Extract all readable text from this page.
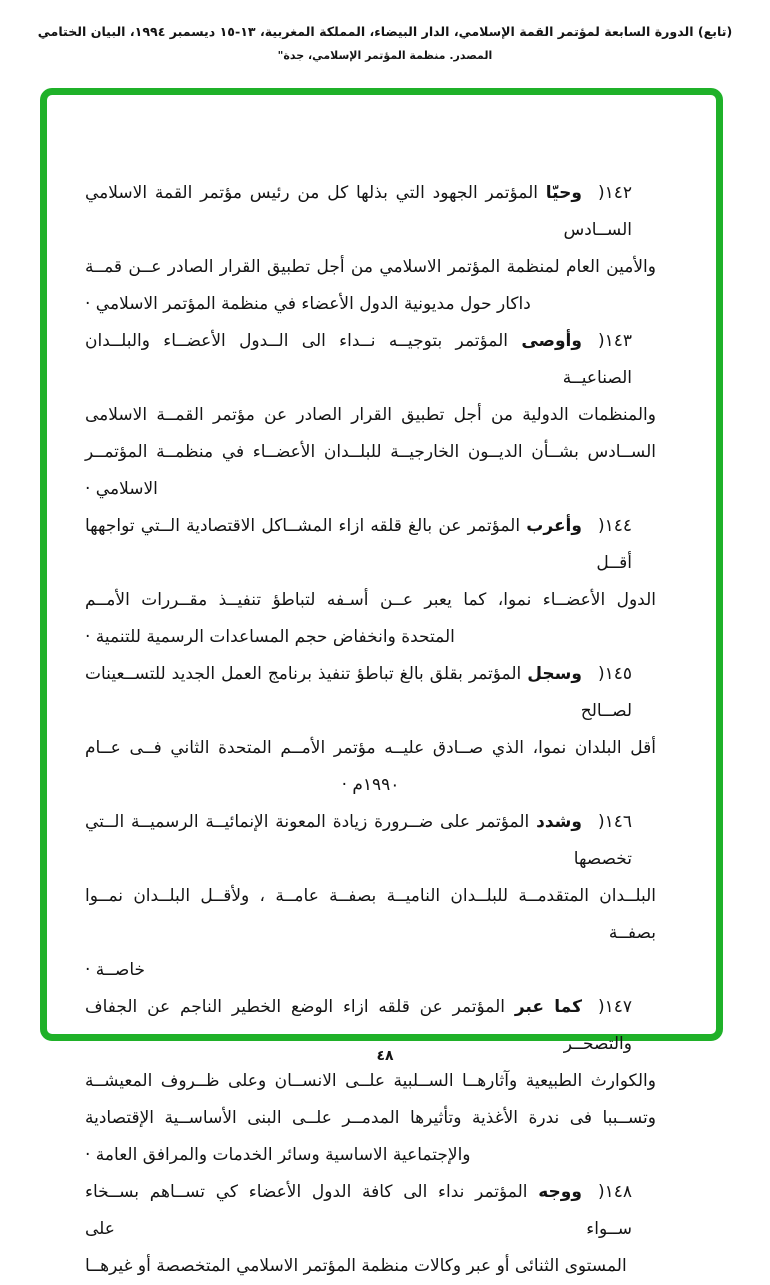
(تابع) الدورة السابعة لمؤتمر القمة الإسلامي، الدار البيضاء، المملكة المغربية، ١٣-١٥ ديسمبر ١٩٩٤، البيان الختامي
المصدر. منظمة المؤتمر الإسلامي، جدة"
١٤٢)وحيّا المؤتمر الجهود التي بذلها كل من رئيس مؤتمر القمة الاسلامي الســادس
والأمين العام لمنظمة المؤتمر الاسلامي من أجل تطبيق القرار الصادر عــن قمــة
داكار حول مديونية الدول الأعضاء في منظمة المؤتمر الاسلامي ·
١٤٣)وأوصى المؤتمر بتوجيــه نــداء الى الــدول الأعضــاء والبلــدان الصناعيــة
والمنظمات الدولية من أجل تطبيق القرار الصادر عن مؤتمر القمــة الاسلامى
الســادس بشــأن الديــون الخارجيــة للبلــدان الأعضــاء في منظمــة المؤتمــر
الاسلامي ·
١٤٤)وأعرب المؤتمر عن بالغ قلقه ازاء المشــاكل الاقتصادية الــتي تواجهها أقــل
الدول الأعضــاء نموا، كما يعبر عــن أسـفه لتباطؤ تنفيــذ مقــررات الأمــم
المتحدة وانخفاض حجم المساعدات الرسمية للتنمية ·
١٤٥)وسجل المؤتمر بقلق بالغ تباطؤ تنفيذ برنامج العمل الجديد للتســعينات لصــالح
أقل البلدان نموا، الذي صــادق عليــه مؤتمر الأمــم المتحدة الثاني فــى عــام
١٩٩٠م ·
١٤٦)وشدد المؤتمر على ضــرورة زيادة المعونة الإنمائيــة الرسميــة الــتي تخصصها
البلــدان المتقدمــة للبلــدان الناميــة بصفــة عامــة ، ولأقــل البلــدان نمــوا بصفــة
خاصــة ·
١٤٧)كما عبر المؤتمر عن قلقه ازاء الوضع الخطير الناجم عن الجفاف والتصحــر
والكوارث الطبيعية وآثارهــا الســلبية علــى الانســان وعلى ظــروف المعيشــة
وتســببا فى ندرة الأغذية وتأثيرها المدمــر علــى البنى الأساســية الإقتصادية
والإجتماعية الاساسية وسائر الخدمات والمرافق العامة ·
١٤٨)ووجه المؤتمر نداء الى كافة الدول الأعضاء كي تســاهم بســخاء ســواء على
المستوى الثنائى أو عبر وكالات منظمة المؤتمر الاسلامي المتخصصة أو غيرهــا
٤٨
